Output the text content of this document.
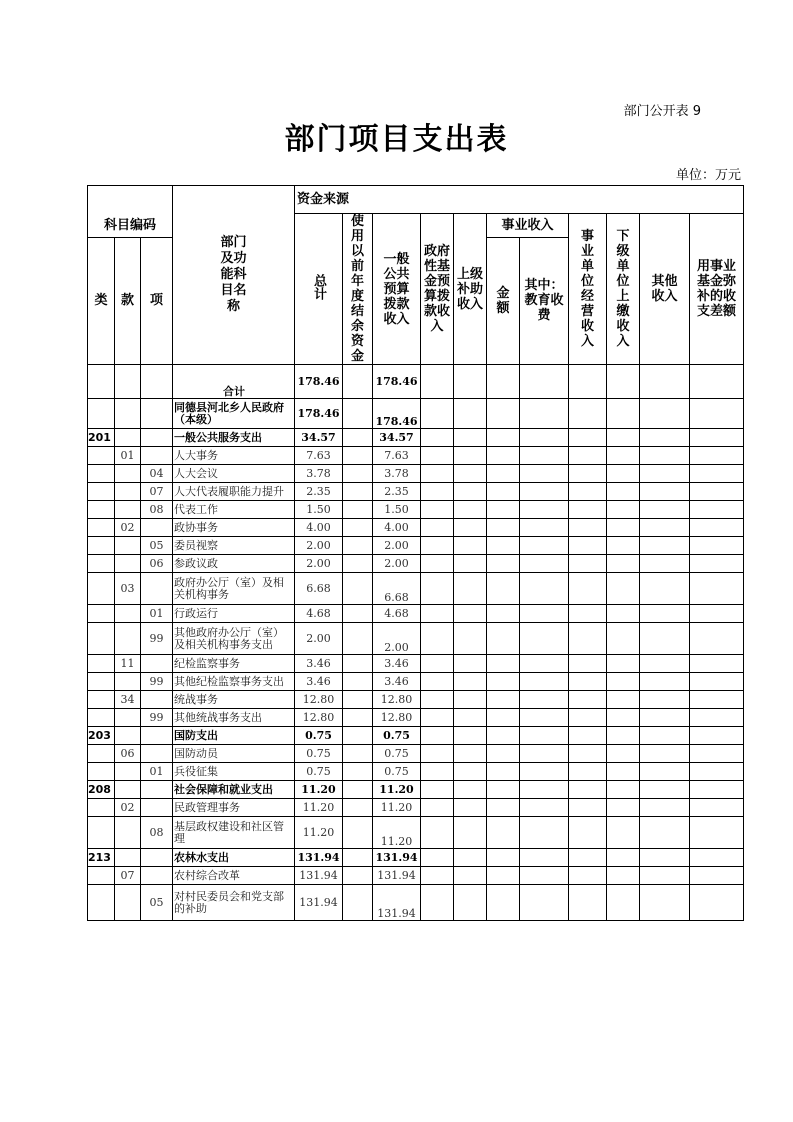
部门公开表 9
部门项目支出表
单位：万元
科目编码			部门及功能科目名称	资金来源										
				总计	使用以前年度结余资金	一般公共预算拨款收入	政府性基金预算拨款收入	上级补助收入	事业收入		事业单位经营收入	下级单位上缴收入	其他收入	用事业基金弥补的收支差额

类	款	项							金额	其中：教育收费				

			合计	178.46		178.46								
			同德县河北乡人民政府（本级）	178.46		178.46								
201			一般公共服务支出	34.57		34.57								
	01		人大事务	7.63		7.63								
		04	人大会议	3.78		3.78								
		07	人大代表履职能力提升	2.35		2.35								
		08	代表工作	1.50		1.50								
	02		政协事务	4.00		4.00								
		05	委员视察	2.00		2.00								
		06	参政议政	2.00		2.00								
	03		政府办公厅（室）及相关机构事务	6.68		6.68								
		01	行政运行	4.68		4.68								
		99	其他政府办公厅（室）及相关机构事务支出	2.00		2.00								
	11		纪检监察事务	3.46		3.46								
		99	其他纪检监察事务支出	3.46		3.46								
	34		统战事务	12.80		12.80								
		99	其他统战事务支出	12.80		12.80								
203			国防支出	0.75		0.75								
	06		国防动员	0.75		0.75								
		01	兵役征集	0.75		0.75								
208			社会保障和就业支出	11.20		11.20								
	02		民政管理事务	11.20		11.20								
		08	基层政权建设和社区管理	11.20		11.20								
213			农林水支出	131.94		131.94								
	07		农村综合改革	131.94		131.94								
		05	对村民委员会和党支部的补助	131.94		131.94								
